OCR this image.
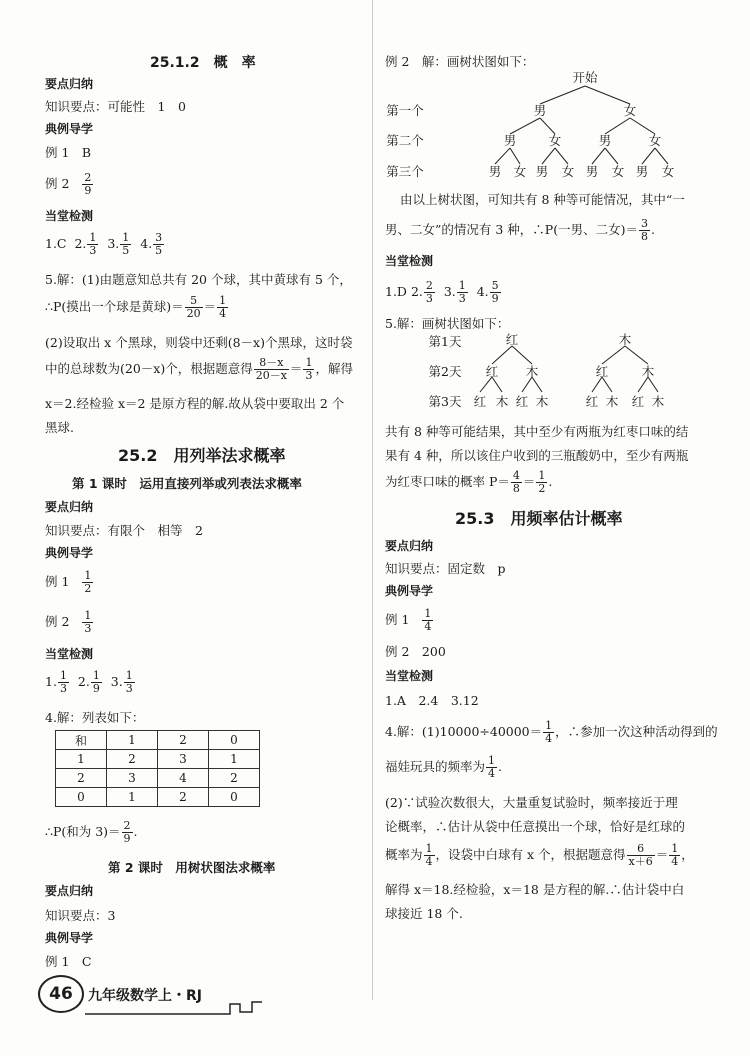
25.1.2　概　率
要点归纳
知识要点：可能性　1　0
典例导学
例 1　B
例 $2 \frac{2}{9}$
当堂检测
1.C 2. $\frac{1}{3} 3$. $\frac{1}{5} 4$. $\frac{3}{5}$
5.解：(1)由题意知总共有 20 个球，其中黄球有 5 个，
∴P(摸出一个球是黄球)＝ $\frac{5}{20} = \frac{1}{4}$
(2)设取出 x 个黑球，则袋中还剩(8－x)个黑球，这时袋
中的总球数为(20－x)个，根据题意得 $\frac{8-x}{20-x} = \frac{1}{3}$ ，解得
x＝2.经检验 x＝2 是原方程的解.故从袋中要取出 2 个
黑球.
25.2　用列举法求概率
第 1 课时　运用直接列举或列表法求概率
要点归纳
知识要点：有限个　相等　2
典例导学
例 $1 \frac{1}{2}$
例 $2 \frac{1}{3}$
当堂检测
1. $\frac{1}{3} 2$. $\frac{1}{9} 3$. $\frac{1}{3}$
4.解：列表如下：
和	1	2	0
1	2	3	1
2	3	4	2
0	1	2	0
∴P(和为 $3)= \frac{2}{9}$ .
第 2 课时　用树状图法求概率
要点归纳
知识要点：3
典例导学
例 1　C
例 2　解：画树状图如下：
开始
第一个
第二个
第三个
男	女
男	女	男	女
男 女 男 女 男 女 男 女
由以上树状图，可知共有 8 种等可能情况，其中“一
男、二女”的情况有 3 种，∴P(一男、二女)＝ $\frac{3}{8}$ .
当堂检测
1.D 2. $\frac{2}{3} 3$. $\frac{1}{3} 4$. $\frac{5}{9}$
5.解：画树状图如下：
第1天
第2天
第3天
红	木
红 木	红	木
红 木 红 木	红 木 红 木
共有 8 种等可能结果，其中至少有两瓶为红枣口味的结
果有 4 种，所以该住户收到的三瓶酸奶中，至少有两瓶
为红枣口味的概率 $P= \frac{4}{8} = \frac{1}{2}$ .
25.3　用频率估计概率
要点归纳
知识要点：固定数　p
典例导学
例 $1 \frac{1}{4}$
例 2　200
当堂检测
1.A　2.4　3.12
4.解：$(1)10000\div 40000= \frac{1}{4}$ ，∴参加一次这种活动得到的
福娃玩具的频率为 $\frac{1}{4}$ .
(2)∵试验次数很大，大量重复试验时，频率接近于理
论概率，∴估计从袋中任意摸出一个球，恰好是红球的
概率为 $\frac{1}{4}$ ，设袋中白球有 x 个，根据题意得 $\frac{6}{x+6} = \frac{1}{4}$ ，
解得 x＝18.经检验，x＝18 是方程的解.∴估计袋中白
球接近 18 个.
46	九年级数学上・RJ
